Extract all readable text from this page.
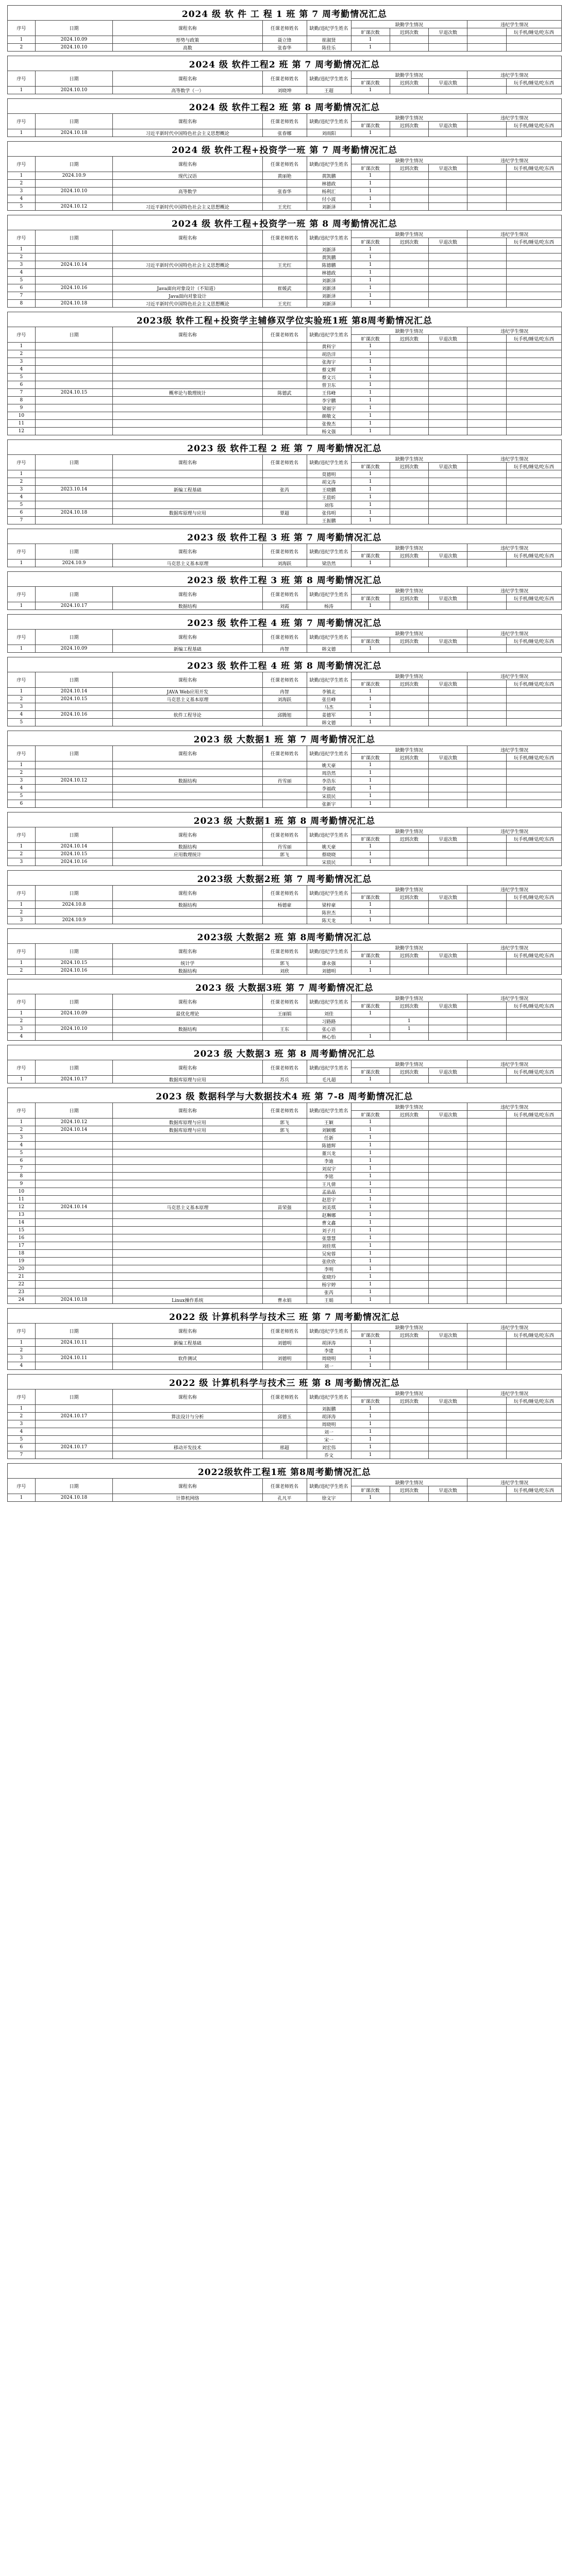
2024 级 软 件 工 程 1 班 第 7 周考勤情况汇总									
序号	日期	课程名称	任课老师姓名	缺勤/违纪学生姓名	缺勤学生情况			违纪学生情况	
					旷课次数	迟到次数	早退次数		玩手机/睡觉/吃东西
1	2024.10.09	形势与政策	聂立锋	崔淑贤	1				
2	2024.10.10	高数	张春华	陈佳乐	1				
2024 级 软件工程2 班 第 7 周考勤情况汇总									
序号	日期	课程名称	任课老师姓名	缺勤/违纪学生姓名	缺勤学生情况			违纪学生情况	
					旷课次数	迟到次数	早退次数		玩手机/睡觉/吃东西
1	2024.10.10	高等数学（一）	刘晓坤	王超	1				
2024 级 软件工程2 班 第 8 周考勤情况汇总									
序号	日期	课程名称	任课老师姓名	缺勤/违纪学生姓名	缺勤学生情况			违纪学生情况	
					旷课次数	迟到次数	早退次数		玩手机/睡觉/吃东西
1	2024.10.18	习近平新时代中国特色社会主义思想概论	张春娜	刘雨阳	1				
2024 级 软件工程+投资学一班 第 7 周考勤情况汇总									
序号	日期	课程名称	任课老师姓名	缺勤/违纪学生姓名	缺勤学生情况			违纪学生情况	
					旷课次数	迟到次数	早退次数		玩手机/睡觉/吃东西
1	2024.10.9	现代汉语	黄丽艳	黄凯鹏	1				
2				林德政	1				
3	2024.10.10	高等数学	张春华	杨利汇	1				
4				付小波	1				
5	2024.10.12	习近平新时代中国特色社会主义思想概论	王光红	刘新泽	1				
2024 级 软件工程+投资学一班 第 8 周考勤情况汇总									
序号	日期	课程名称	任课老师姓名	缺勤/违纪学生姓名	缺勤学生情况			违纪学生情况	
					旷课次数	迟到次数	早退次数		玩手机/睡觉/吃东西
1				刘新泽	1				
2				黄凯鹏	1				
3	2024.10.14	习近平新时代中国特色社会主义思想概论	王光红	陈德鹏	1				
4				林德政	1				
5				刘新泽	1				
6	2024.10.16	Java面向对象设计（不知道）	崔媛武	刘新泽	1				
7		Java面向对象设计		刘新泽	1				
8	2024.10.18	习近平新时代中国特色社会主义思想概论	王光红	刘新泽	1				
2023级 软件工程+投资学主辅修双学位实验班1班 第8周考勤情况汇总									
序号	日期	课程名称	任课老师姓名	缺勤/违纪学生姓名	缺勤学生情况			违纪学生情况	
					旷课次数	迟到次数	早退次数		玩手机/睡觉/吃东西
1				黄科宇	1				
2				胡浩洋	1				
3				张海宇	1				
4				蔡文辉	1				
5				蔡文兴	1				
6				曾卫东	1				
7	2024.10.15	概率论与数理统计	陈德武	王伟峰	1				
8				李宇鹏	1				
9				梁福宇	1				
10				颜敬文	1				
11				张俊杰	1				
12				杨文强	1				
2023 级 软件工程 2 班 第 7 周考勤情况汇总									
序号	日期	课程名称	任课老师姓名	缺勤/违纪学生姓名	缺勤学生情况			违纪学生情况	
					旷课次数	迟到次数	早退次数		玩手机/睡觉/吃东西
1				莫德明	1				
2				胡文涛	1				
3	2023.10.14	新编工程基础	张芮	王晓鹏	1				
4				王晨昕	1				
5				刘伟	1				
6	2024.10.18	数据库原理与应用	覃超	张伟明	1				
7				王振鹏	1				
2023 级 软件工程 3 班 第 7 周考勤情况汇总									
序号	日期	课程名称	任课老师姓名	缺勤/违纪学生姓名	缺勤学生情况			违纪学生情况	
					旷课次数	迟到次数	早退次数		玩手机/睡觉/吃东西
1	2024.10.9	马克思主义基本原理	刘海跃	梁浩然	1				
2023 级 软件工程 3 班 第 8 周考勤情况汇总									
序号	日期	课程名称	任课老师姓名	缺勤/违纪学生姓名	缺勤学生情况			违纪学生情况	
					旷课次数	迟到次数	早退次数		玩手机/睡觉/吃东西
1	2024.10.17	数据结构	刘霞	杨涛	1				
2023 级 软件工程 4 班 第 7 周考勤情况汇总									
序号	日期	课程名称	任课老师姓名	缺勤/违纪学生姓名	缺勤学生情况			违纪学生情况	
					旷课次数	迟到次数	早退次数		玩手机/睡觉/吃东西
1	2024.10.09	新编工程基础	冉智	韩文德	1				
2023 级 软件工程 4 班 第 8 周考勤情况汇总									
序号	日期	课程名称	任课老师姓名	缺勤/违纪学生姓名	缺勤学生情况			违纪学生情况	
					旷课次数	迟到次数	早退次数		玩手机/睡觉/吃东西
1	2024.10.14	JAVA Web应用开发	冉智	李镇北	1				
2	2024.10.15	马克思主义基本原理	刘海跃	张岳峰	1				
3				马杰	1				
4	2024.10.16	软件工程导论	邱腾旭	姜德军	1				
5				韩文德	1				
2023 级 大数据1 班 第 7 周考勤情况汇总									
序号	日期	课程名称	任课老师姓名	缺勤/违纪学生姓名	缺勤学生情况			违纪学生情况	
					旷课次数	迟到次数	早退次数		玩手机/睡觉/吃东西
1				姚天豪	1				
2				周浩然	1				
3	2024.10.12	数据结构	肖雪丽	李浩东	1				
4				李福政	1				
5				宋晨民	1				
6				张新宇	1				
2023 级 大数据1 班 第 8 周考勤情况汇总									
序号	日期	课程名称	任课老师姓名	缺勤/违纪学生姓名	缺勤学生情况			违纪学生情况	
					旷课次数	迟到次数	早退次数		玩手机/睡觉/吃东西
1	2024.10.14	数据结构	肖雪丽	姚天豪	1				
2	2024.10.15	应用数理统计	郭飞	蔡晓晓	1				
3	2024.10.16			宋晨民	1				
2023级 大数据2班 第 7 周考勤情况汇总									
序号	日期	课程名称	任课老师姓名	缺勤/违纪学生姓名	缺勤学生情况			违纪学生情况	
					旷课次数	迟到次数	早退次数		玩手机/睡觉/吃东西
1	2024.10.8	数据结构	杨德豪	梁梓豪	1				
2				陈世杰	1				
3	2024.10.9			陈天龙	1				
2023级 大数据2 班 第 8周考勤情况汇总									
序号	日期	课程名称	任课老师姓名	缺勤/违纪学生姓名	缺勤学生情况			违纪学生情况	
					旷课次数	迟到次数	早退次数		玩手机/睡觉/吃东西
1	2024.10.15	统计学	郭飞	康永强	1				
2	2024.10.16	数据结构	刘欣	刘德明	1				
2023 级 大数据3班 第 7 周考勤情况汇总									
序号	日期	课程名称	任课老师姓名	缺勤/违纪学生姓名	缺勤学生情况			违纪学生情况	
					旷课次数	迟到次数	早退次数		玩手机/睡觉/吃东西
1	2024.10.09	最优化理论	王丽娟	刘佳	1				
2				习路路		1			
3	2024.10.10	数据结构	王东	张心语		1			
4				林心怡	1				
2023 级 大数据3 班 第 8 周考勤情况汇总									
序号	日期	课程名称	任课老师姓名	缺勤/违纪学生姓名	缺勤学生情况			违纪学生情况	
					旷课次数	迟到次数	早退次数		玩手机/睡觉/吃东西
1	2024.10.17	数据库原理与应用	苏兵	毛凡超	1				
2023 级 数据科学与大数据技术4 班 第 7-8 周考勤情况汇总									
序号	日期	课程名称	任课老师姓名	缺勤/违纪学生姓名	缺勤学生情况			违纪学生情况	
					旷课次数	迟到次数	早退次数		玩手机/睡觉/吃东西
1	2024.10.12	数据库原理与应用	郭飞	王颖	1				
2	2024.10.14	数据库原理与应用	郭飞	刘颖娜	1				
3				任新	1				
4				陈德辉	1				
5				董兴龙	1				
6				李迪	1				
7				刘双宇	1				
8				李铭	1				
9				王凡倩	1				
10				孟晶晶	1				
11				赵思宇	1				
12	2024.10.14	马克思主义基本原理	苗荣强	刘美琪	1				
13				赵琳娜	1				
14				曹文鑫	1				
15				刘子月	1				
16				张慧慧	1				
17				刘佳琪	1				
18				吴宛蓉	1				
19				张欣欣	1				
20				李明	1				
21				张晓玲	1				
22				杨宇婷	1				
23				张芮	1				
24	2024.10.18	Linux操作系统	曹永娟	王娟	1				
2022 级 计算机科学与技术三 班 第 7 周考勤情况汇总									
序号	日期	课程名称	任课老师姓名	缺勤/违纪学生姓名	缺勤学生情况			违纪学生情况	
					旷课次数	迟到次数	早退次数		玩手机/睡觉/吃东西
1	2024.10.11	新编工程基础	刘德明	胡泽涛	1				
2				李建	1				
3	2024.10.11	软件测试	刘德明	周晓明	1				
4				刘一	1				
2022 级 计算机科学与技术三 班 第 8 周考勤情况汇总									
序号	日期	课程名称	任课老师姓名	缺勤/违纪学生姓名	缺勤学生情况			违纪学生情况	
					旷课次数	迟到次数	早退次数		玩手机/睡觉/吃东西
1				刘振鹏	1				
2	2024.10.17	算法设计与分析	邱德玉	胡泽涛	1				
3				周晓明	1				
4				刘一	1				
5				宋一	1				
6	2024.10.17	移动开发技术	邢超	刘宏伟	1				
7				乔文	1				
2022级软件工程1班 第8周考勤情况汇总									
序号	日期	课程名称	任课老师姓名	缺勤/违纪学生姓名	缺勤学生情况			违纪学生情况	
					旷课次数	迟到次数	早退次数		玩手机/睡觉/吃东西
1	2024.10.18	计算机网络	孔凡平	徐文宇	1				
